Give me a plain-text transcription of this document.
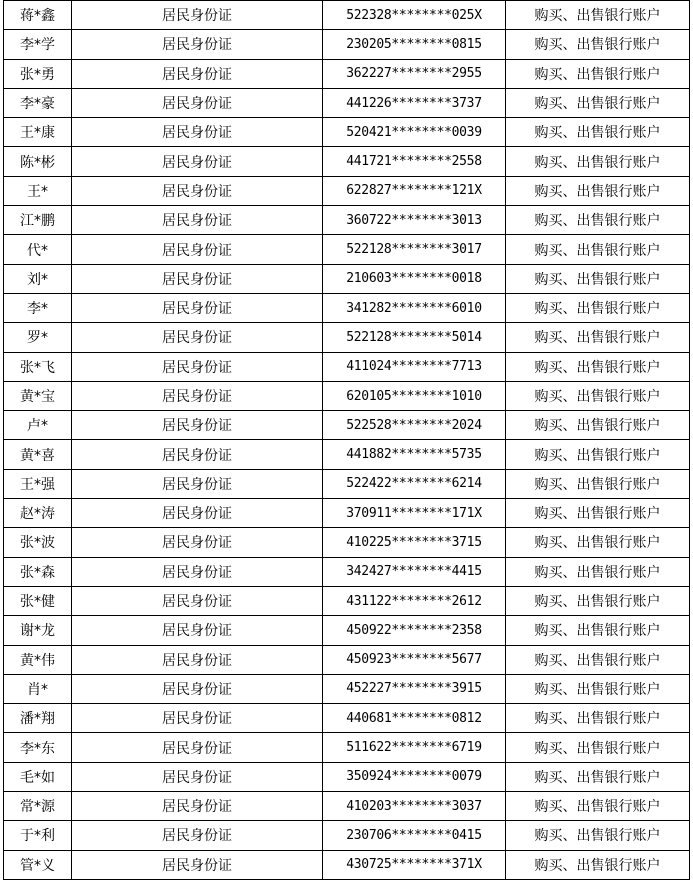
蒋*鑫	居民身份证	522328********025X	购买、出售银行账户
李*学	居民身份证	230205********0815	购买、出售银行账户
张*勇	居民身份证	362227********2955	购买、出售银行账户
李*豪	居民身份证	441226********3737	购买、出售银行账户
王*康	居民身份证	520421********0039	购买、出售银行账户
陈*彬	居民身份证	441721********2558	购买、出售银行账户
王*	居民身份证	622827********121X	购买、出售银行账户
江*鹏	居民身份证	360722********3013	购买、出售银行账户
代*	居民身份证	522128********3017	购买、出售银行账户
刘*	居民身份证	210603********0018	购买、出售银行账户
李*	居民身份证	341282********6010	购买、出售银行账户
罗*	居民身份证	522128********5014	购买、出售银行账户
张*飞	居民身份证	411024********7713	购买、出售银行账户
黄*宝	居民身份证	620105********1010	购买、出售银行账户
卢*	居民身份证	522528********2024	购买、出售银行账户
黄*喜	居民身份证	441882********5735	购买、出售银行账户
王*强	居民身份证	522422********6214	购买、出售银行账户
赵*涛	居民身份证	370911********171X	购买、出售银行账户
张*波	居民身份证	410225********3715	购买、出售银行账户
张*森	居民身份证	342427********4415	购买、出售银行账户
张*健	居民身份证	431122********2612	购买、出售银行账户
谢*龙	居民身份证	450922********2358	购买、出售银行账户
黄*伟	居民身份证	450923********5677	购买、出售银行账户
肖*	居民身份证	452227********3915	购买、出售银行账户
潘*翔	居民身份证	440681********0812	购买、出售银行账户
李*东	居民身份证	511622********6719	购买、出售银行账户
毛*如	居民身份证	350924********0079	购买、出售银行账户
常*源	居民身份证	410203********3037	购买、出售银行账户
于*利	居民身份证	230706********0415	购买、出售银行账户
管*义	居民身份证	430725********371X	购买、出售银行账户
